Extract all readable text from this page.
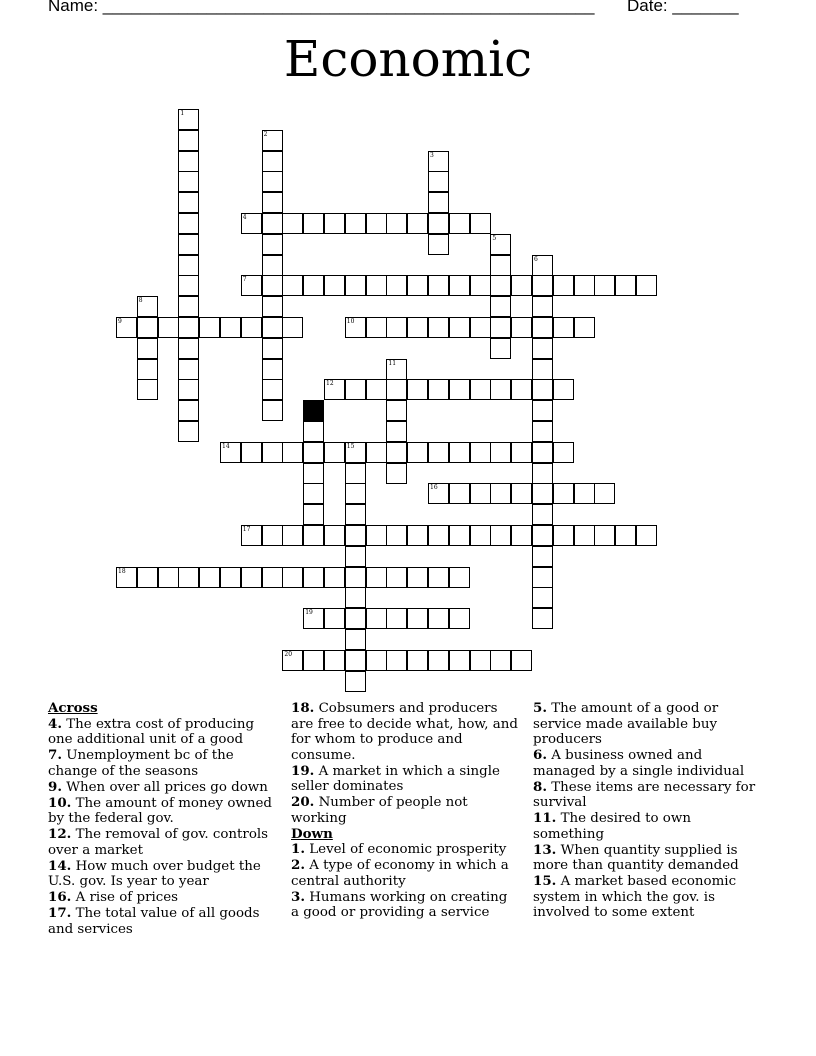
Name: ____________________________________________________ Date: _______
Economic
1
2
3
4
5
6
7
8
9	10
11
12
13
14	15
16
17
18
19
20

Across

4. The extra cost of producing one additional unit of a good

7. Unemployment bc of the change of the seasons

9. When over all prices go down

10. The amount of money owned by the federal gov.

12. The removal of gov. controls over a market

14. How much over budget the U.S. gov. Is year to year

16. A rise of prices

17. The total value of all goods and services

18. Cobsumers and producers are free to decide what, how, and for whom to produce and consume.

19. A market in which a single seller dominates

20. Number of people not working

Down

1. Level of economic prosperity

2. A type of economy in which a central authority

3. Humans working on creating a good or providing a service

5. The amount of a good or service made available buy producers

6. A business owned and managed by a single individual

8. These items are necessary for survival

11. The desired to own something

13. When quantity supplied is more than quantity demanded

15. A market based economic system in which the gov. is involved to some extent
